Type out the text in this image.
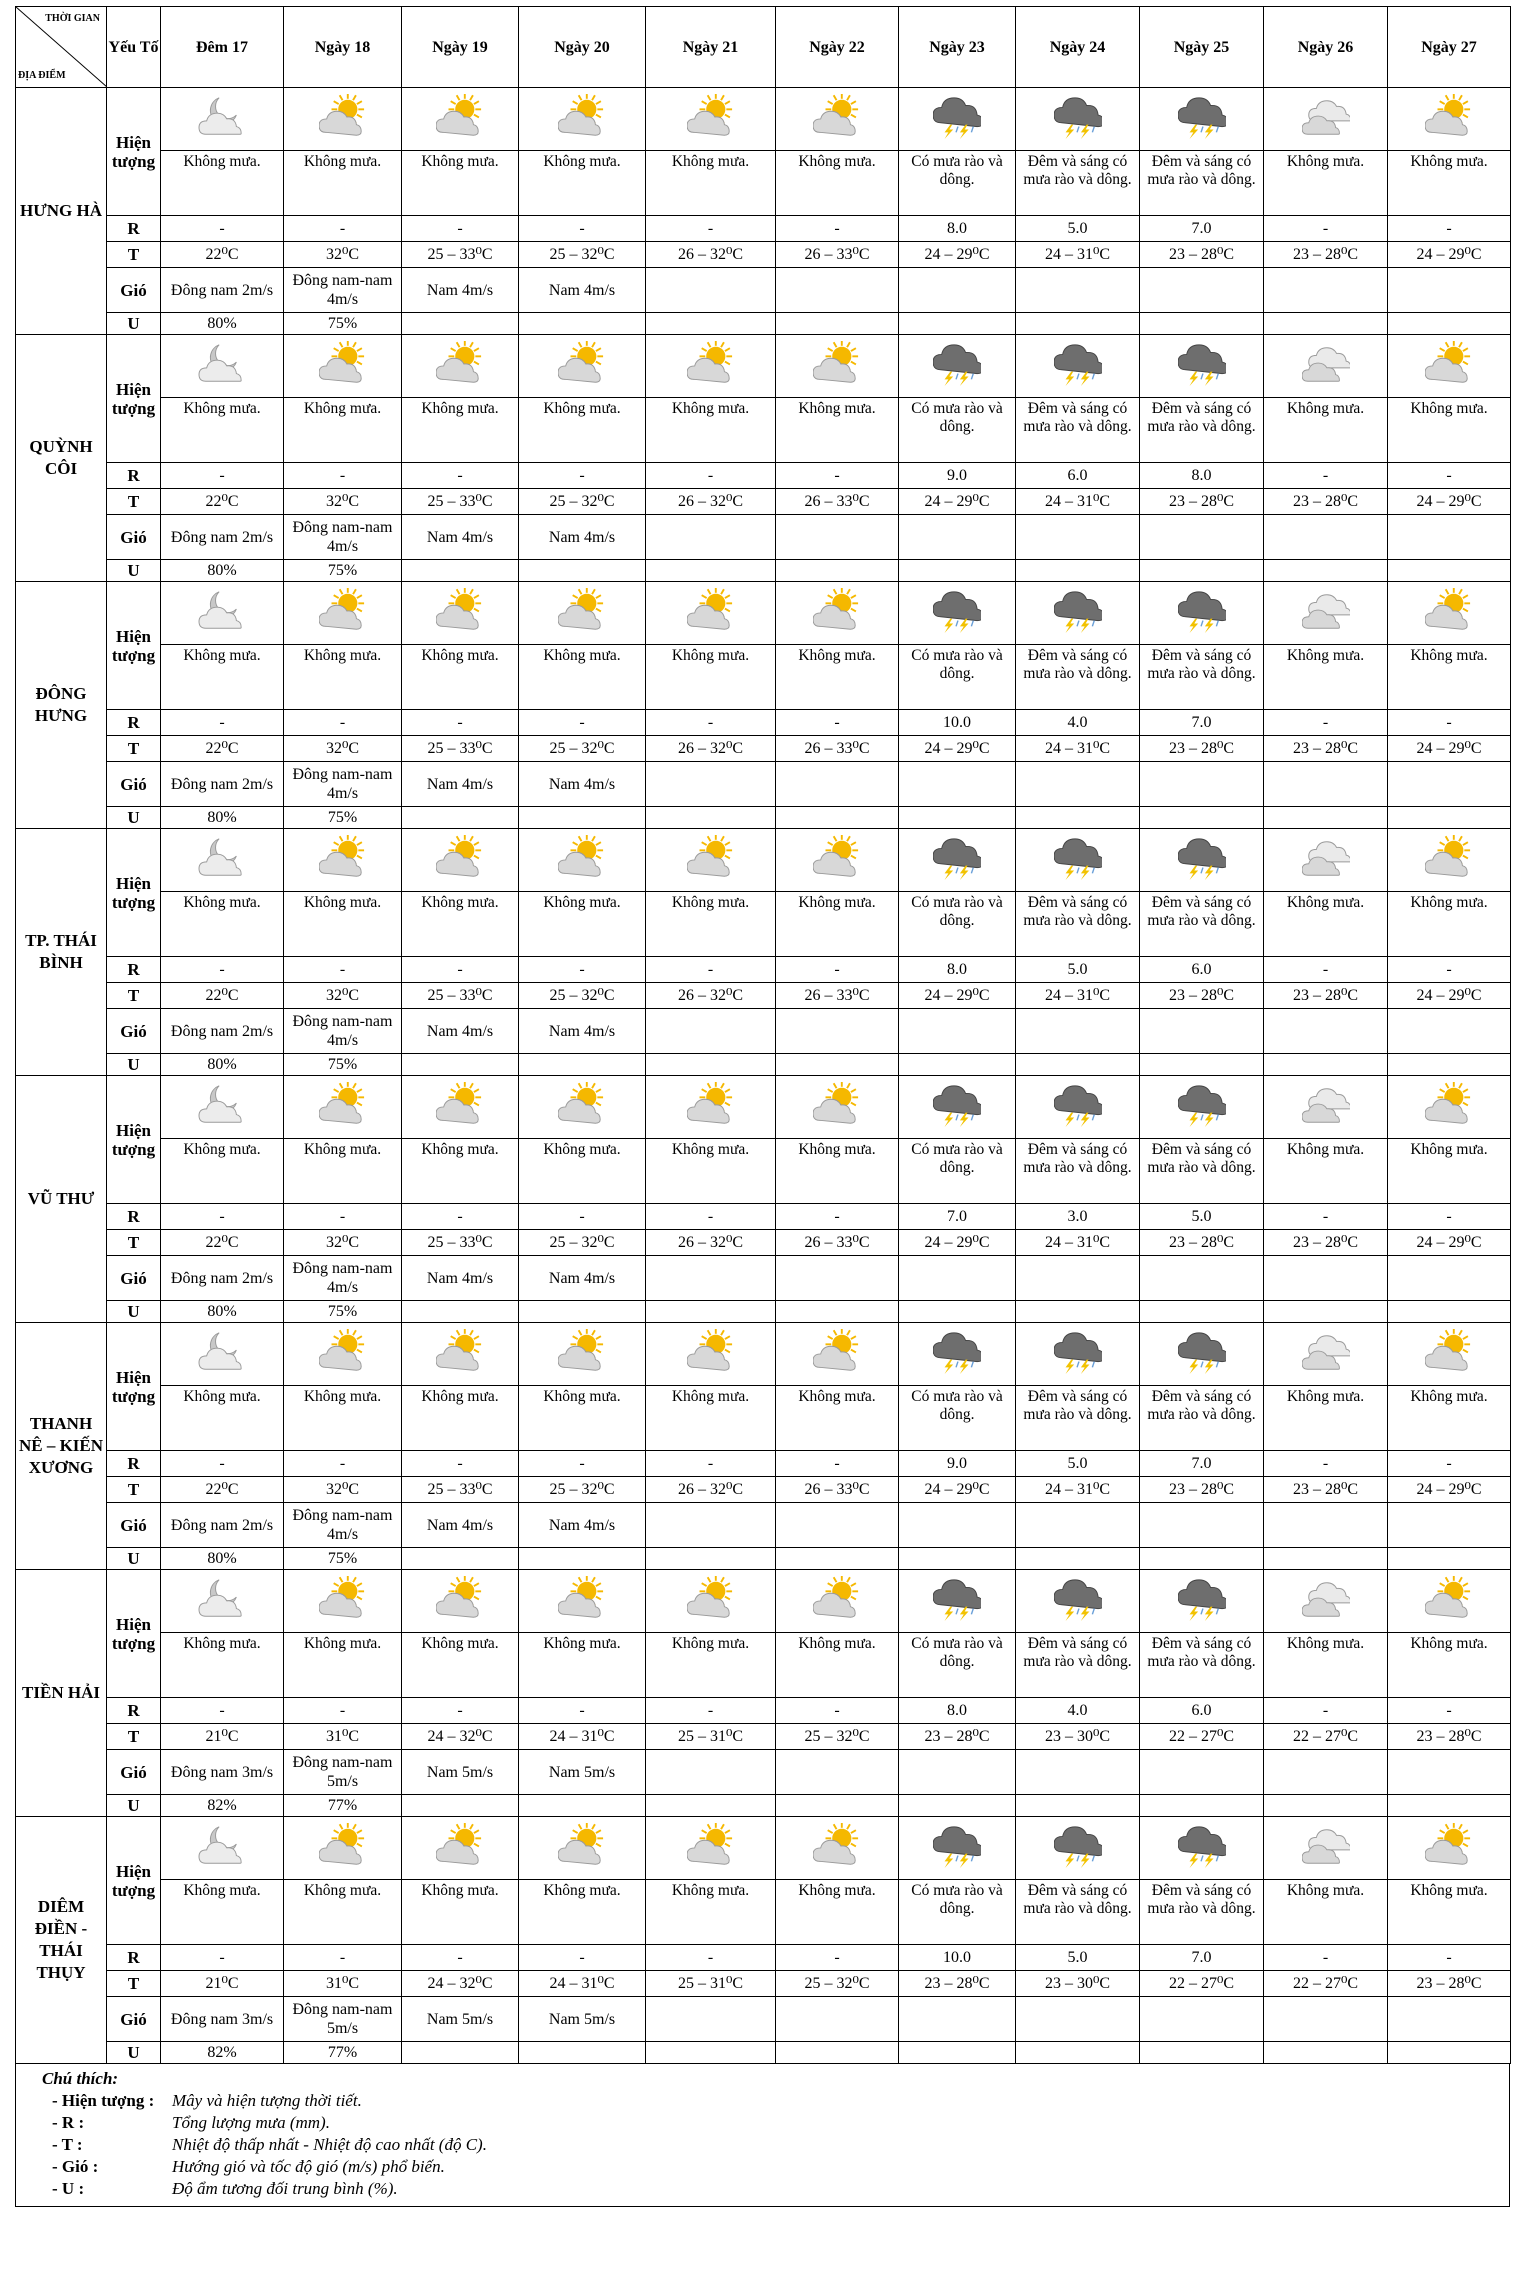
THỜI GIAN
ĐỊA ĐIỂM	Yếu Tố	Đêm 17	Ngày 18	Ngày 19	Ngày 20	Ngày 21	Ngày 22	Ngày 23	Ngày 24	Ngày 25	Ngày 26	Ngày 27
HƯNG HÀ	Hiện tượng											
		Không mưa.	Không mưa.	Không mưa.	Không mưa.	Không mưa.	Không mưa.	Có mưa rào và dông.	Đêm và sáng có mưa rào và dông.	Đêm và sáng có mưa rào và dông.	Không mưa.	Không mưa.
	R	-	-	-	-	-	-	8.0	5.0	7.0	-	-
	T	22⁰C	32⁰C	25 – 33⁰C	25 – 32⁰C	26 – 32⁰C	26 – 33⁰C	24 – 29⁰C	24 – 31⁰C	23 – 28⁰C	23 – 28⁰C	24 – 29⁰C
	Gió	Đông nam 2m/s	Đông nam-nam 4m/s	Nam 4m/s	Nam 4m/s							
	U	80%	75%									
QUỲNH CÔI	Hiện tượng											
		Không mưa.	Không mưa.	Không mưa.	Không mưa.	Không mưa.	Không mưa.	Có mưa rào và dông.	Đêm và sáng có mưa rào và dông.	Đêm và sáng có mưa rào và dông.	Không mưa.	Không mưa.
	R	-	-	-	-	-	-	9.0	6.0	8.0	-	-
	T	22⁰C	32⁰C	25 – 33⁰C	25 – 32⁰C	26 – 32⁰C	26 – 33⁰C	24 – 29⁰C	24 – 31⁰C	23 – 28⁰C	23 – 28⁰C	24 – 29⁰C
	Gió	Đông nam 2m/s	Đông nam-nam 4m/s	Nam 4m/s	Nam 4m/s							
	U	80%	75%									
ĐÔNG HƯNG	Hiện tượng											
		Không mưa.	Không mưa.	Không mưa.	Không mưa.	Không mưa.	Không mưa.	Có mưa rào và dông.	Đêm và sáng có mưa rào và dông.	Đêm và sáng có mưa rào và dông.	Không mưa.	Không mưa.
	R	-	-	-	-	-	-	10.0	4.0	7.0	-	-
	T	22⁰C	32⁰C	25 – 33⁰C	25 – 32⁰C	26 – 32⁰C	26 – 33⁰C	24 – 29⁰C	24 – 31⁰C	23 – 28⁰C	23 – 28⁰C	24 – 29⁰C
	Gió	Đông nam 2m/s	Đông nam-nam 4m/s	Nam 4m/s	Nam 4m/s							
	U	80%	75%									
TP. THÁI BÌNH	Hiện tượng											
		Không mưa.	Không mưa.	Không mưa.	Không mưa.	Không mưa.	Không mưa.	Có mưa rào và dông.	Đêm và sáng có mưa rào và dông.	Đêm và sáng có mưa rào và dông.	Không mưa.	Không mưa.
	R	-	-	-	-	-	-	8.0	5.0	6.0	-	-
	T	22⁰C	32⁰C	25 – 33⁰C	25 – 32⁰C	26 – 32⁰C	26 – 33⁰C	24 – 29⁰C	24 – 31⁰C	23 – 28⁰C	23 – 28⁰C	24 – 29⁰C
	Gió	Đông nam 2m/s	Đông nam-nam 4m/s	Nam 4m/s	Nam 4m/s							
	U	80%	75%									
VŨ THƯ	Hiện tượng											
		Không mưa.	Không mưa.	Không mưa.	Không mưa.	Không mưa.	Không mưa.	Có mưa rào và dông.	Đêm và sáng có mưa rào và dông.	Đêm và sáng có mưa rào và dông.	Không mưa.	Không mưa.
	R	-	-	-	-	-	-	7.0	3.0	5.0	-	-
	T	22⁰C	32⁰C	25 – 33⁰C	25 – 32⁰C	26 – 32⁰C	26 – 33⁰C	24 – 29⁰C	24 – 31⁰C	23 – 28⁰C	23 – 28⁰C	24 – 29⁰C
	Gió	Đông nam 2m/s	Đông nam-nam 4m/s	Nam 4m/s	Nam 4m/s							
	U	80%	75%									
THANH NÊ – KIẾN XƯƠNG	Hiện tượng											
		Không mưa.	Không mưa.	Không mưa.	Không mưa.	Không mưa.	Không mưa.	Có mưa rào và dông.	Đêm và sáng có mưa rào và dông.	Đêm và sáng có mưa rào và dông.	Không mưa.	Không mưa.
	R	-	-	-	-	-	-	9.0	5.0	7.0	-	-
	T	22⁰C	32⁰C	25 – 33⁰C	25 – 32⁰C	26 – 32⁰C	26 – 33⁰C	24 – 29⁰C	24 – 31⁰C	23 – 28⁰C	23 – 28⁰C	24 – 29⁰C
	Gió	Đông nam 2m/s	Đông nam-nam 4m/s	Nam 4m/s	Nam 4m/s							
	U	80%	75%									
TIỀN HẢI	Hiện tượng											
		Không mưa.	Không mưa.	Không mưa.	Không mưa.	Không mưa.	Không mưa.	Có mưa rào và dông.	Đêm và sáng có mưa rào và dông.	Đêm và sáng có mưa rào và dông.	Không mưa.	Không mưa.
	R	-	-	-	-	-	-	8.0	4.0	6.0	-	-
	T	21⁰C	31⁰C	24 – 32⁰C	24 – 31⁰C	25 – 31⁰C	25 – 32⁰C	23 – 28⁰C	23 – 30⁰C	22 – 27⁰C	22 – 27⁰C	23 – 28⁰C
	Gió	Đông nam 3m/s	Đông nam-nam 5m/s	Nam 5m/s	Nam 5m/s							
	U	82%	77%									
DIÊM ĐIỀN - THÁI THỤY	Hiện tượng											
		Không mưa.	Không mưa.	Không mưa.	Không mưa.	Không mưa.	Không mưa.	Có mưa rào và dông.	Đêm và sáng có mưa rào và dông.	Đêm và sáng có mưa rào và dông.	Không mưa.	Không mưa.
	R	-	-	-	-	-	-	10.0	5.0	7.0	-	-
	T	21⁰C	31⁰C	24 – 32⁰C	24 – 31⁰C	25 – 31⁰C	25 – 32⁰C	23 – 28⁰C	23 – 30⁰C	22 – 27⁰C	22 – 27⁰C	23 – 28⁰C
	Gió	Đông nam 3m/s	Đông nam-nam 5m/s	Nam 5m/s	Nam 5m/s							
	U	82%	77%									
Chú thích:
- Hiện tượng :	Mây và hiện tượng thời tiết.
- R :	Tổng lượng mưa (mm).
- T :	Nhiệt độ thấp nhất - Nhiệt độ cao nhất (độ C).
- Gió :	Hướng gió và tốc độ gió (m/s) phổ biến.
- U :	Độ ẩm tương đối trung bình (%).
